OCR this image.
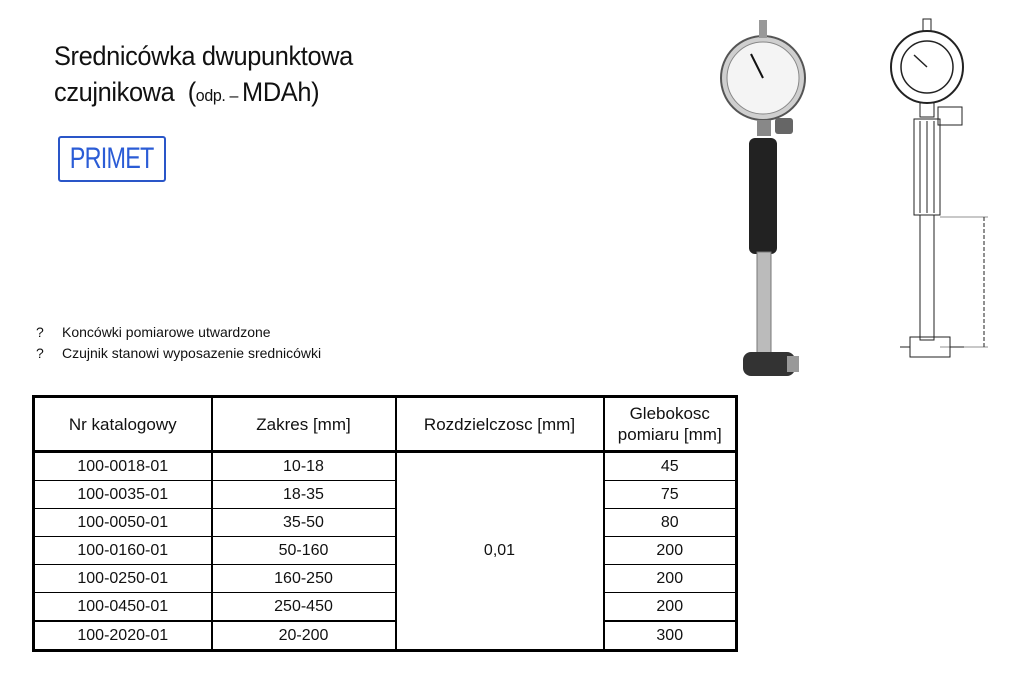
Srednicówka dwupunktowa
czujnikowa (odp. – MDAh)
PRIMET
?	Koncówki pomiarowe utwardzone
?	Czujnik stanowi wyposazenie srednicówki
Nr katalogowy	Zakres [mm]	Rozdzielczosc [mm]	Glebokosc
pomiaru [mm]
100-0018-01	10-18	0,01	45
100-0035-01	18-35		75
100-0050-01	35-50		80
100-0160-01	50-160		200
100-0250-01	160-250		200
100-0450-01	250-450		200
100-2020-01	20-200		300
